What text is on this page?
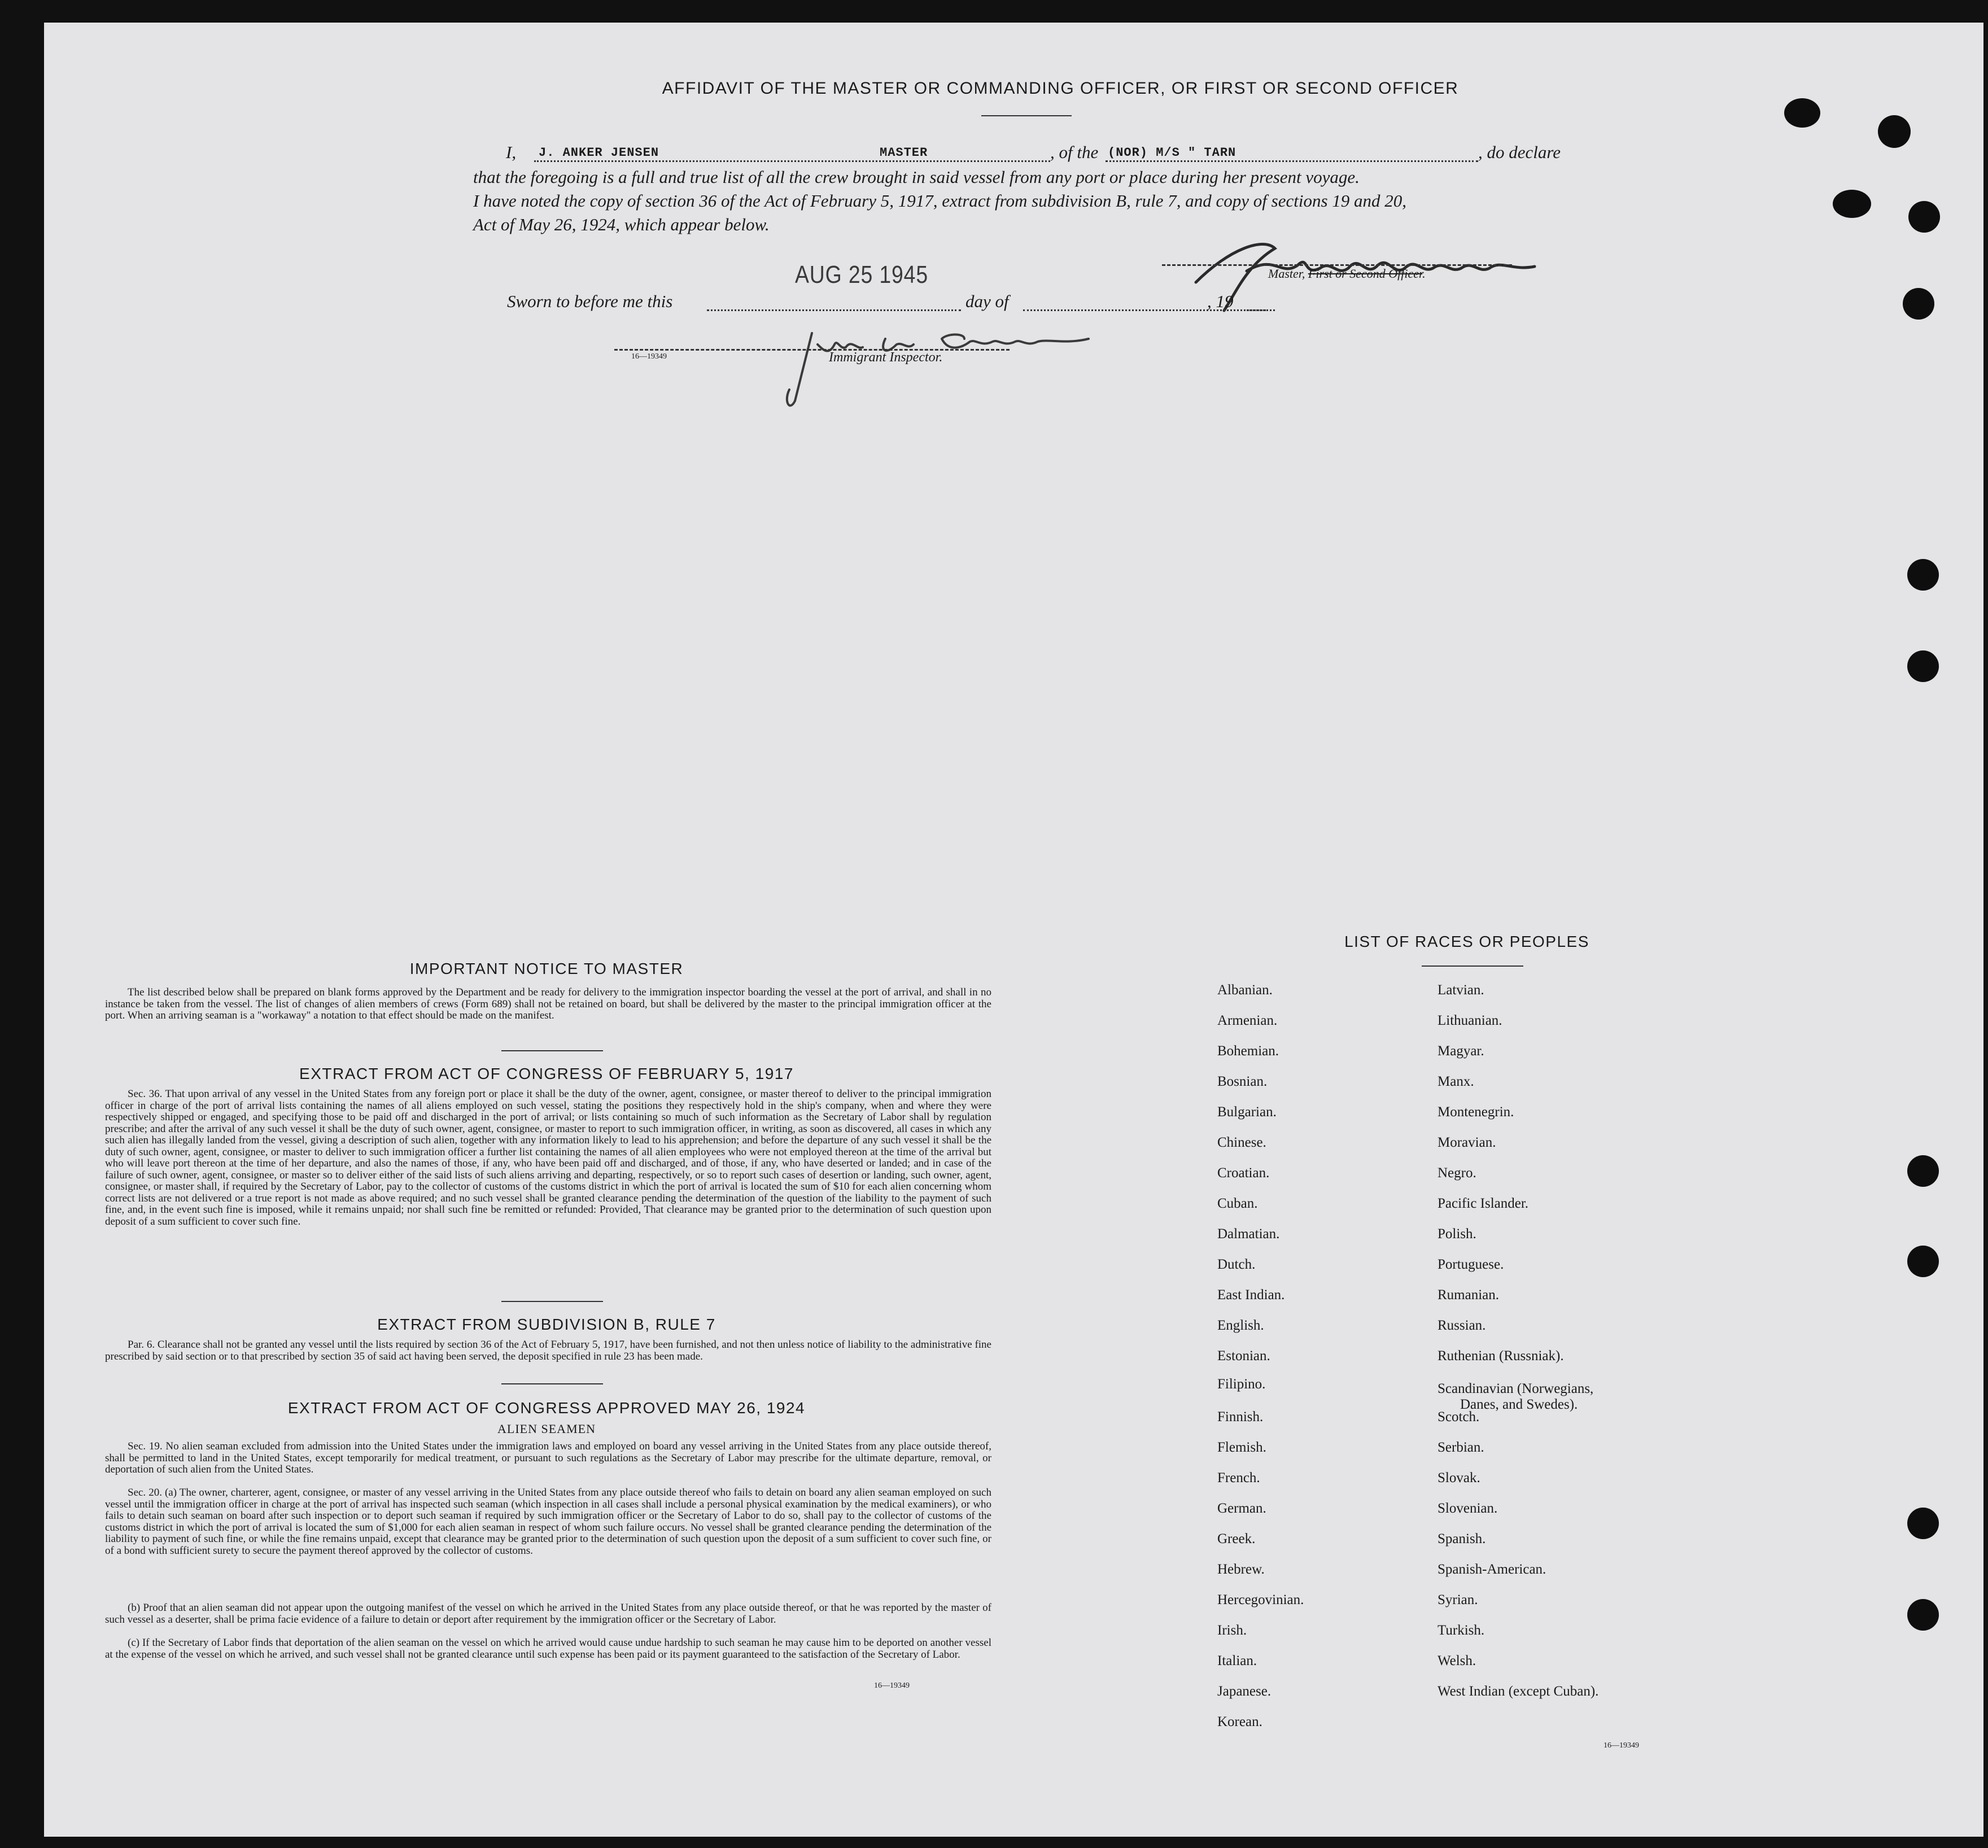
AFFIDAVIT OF THE MASTER OR COMMANDING OFFICER, OR FIRST OR SECOND OFFICER
I, J. ANKER JENSEN	MASTER	, of the (NOR) M/S " TARN	, do declare
that the foregoing is a full and true list of all the crew brought in said vessel from any port or place during her present voyage.
I have noted the copy of section 36 of the Act of February 5, 1917, extract from subdivision B, rule 7, and copy of sections 19 and 20,
Act of May 26, 1924, which appear below.
Master, First or Second Officer.
AUG 25 1945
Sworn to before me this	day of	, 19
16—19349	Immigrant Inspector.
IMPORTANT NOTICE TO MASTER
The list described below shall be prepared on blank forms approved by the Department and be ready for delivery to the immigration inspector boarding the vessel at the port of arrival, and shall in no instance be taken from the vessel. The list of changes of alien members of crews (Form 689) shall not be retained on board, but shall be delivered by the master to the principal immigration officer at the port. When an arriving seaman is a "workaway" a notation to that effect should be made on the manifest.
EXTRACT FROM ACT OF CONGRESS OF FEBRUARY 5, 1917
Sec. 36. That upon arrival of any vessel in the United States from any foreign port or place it shall be the duty of the owner, agent, consignee, or master thereof to deliver to the principal immigration officer in charge of the port of arrival lists containing the names of all aliens employed on such vessel, stating the positions they respectively hold in the ship's company, when and where they were respectively shipped or engaged, and specifying those to be paid off and discharged in the port of arrival; or lists containing so much of such information as the Secretary of Labor shall by regulation prescribe; and after the arrival of any such vessel it shall be the duty of such owner, agent, consignee, or master to report to such immigration officer, in writing, as soon as discovered, all cases in which any such alien has illegally landed from the vessel, giving a description of such alien, together with any information likely to lead to his apprehension; and before the departure of any such vessel it shall be the duty of such owner, agent, consignee, or master to deliver to such immigration officer a further list containing the names of all alien employees who were not employed thereon at the time of the arrival but who will leave port thereon at the time of her departure, and also the names of those, if any, who have been paid off and discharged, and of those, if any, who have deserted or landed; and in case of the failure of such owner, agent, consignee, or master so to deliver either of the said lists of such aliens arriving and departing, respectively, or so to report such cases of desertion or landing, such owner, agent, consignee, or master shall, if required by the Secretary of Labor, pay to the collector of customs of the customs district in which the port of arrival is located the sum of $10 for each alien concerning whom correct lists are not delivered or a true report is not made as above required; and no such vessel shall be granted clearance pending the determination of the question of the liability to the payment of such fine, and, in the event such fine is imposed, while it remains unpaid; nor shall such fine be remitted or refunded: Provided, That clearance may be granted prior to the determination of such question upon deposit of a sum sufficient to cover such fine.
EXTRACT FROM SUBDIVISION B, RULE 7
Par. 6. Clearance shall not be granted any vessel until the lists required by section 36 of the Act of February 5, 1917, have been furnished, and not then unless notice of liability to the administrative fine prescribed by said section or to that prescribed by section 35 of said act having been served, the deposit specified in rule 23 has been made.
EXTRACT FROM ACT OF CONGRESS APPROVED MAY 26, 1924
ALIEN SEAMEN
Sec. 19. No alien seaman excluded from admission into the United States under the immigration laws and employed on board any vessel arriving in the United States from any place outside thereof, shall be permitted to land in the United States, except temporarily for medical treatment, or pursuant to such regulations as the Secretary of Labor may prescribe for the ultimate departure, removal, or deportation of such alien from the United States.
Sec. 20. (a) The owner, charterer, agent, consignee, or master of any vessel arriving in the United States from any place outside thereof who fails to detain on board any alien seaman employed on such vessel until the immigration officer in charge at the port of arrival has inspected such seaman (which inspection in all cases shall include a personal physical examination by the medical examiners), or who fails to detain such seaman on board after such inspection or to deport such seaman if required by such immigration officer or the Secretary of Labor to do so, shall pay to the collector of customs of the customs district in which the port of arrival is located the sum of $1,000 for each alien seaman in respect of whom such failure occurs. No vessel shall be granted clearance pending the determination of the liability to payment of such fine, or while the fine remains unpaid, except that clearance may be granted prior to the determination of such question upon the deposit of a sum sufficient to cover such fine, or of a bond with sufficient surety to secure the payment thereof approved by the collector of customs.
(b) Proof that an alien seaman did not appear upon the outgoing manifest of the vessel on which he arrived in the United States from any place outside thereof, or that he was reported by the master of such vessel as a deserter, shall be prima facie evidence of a failure to detain or deport after requirement by the immigration officer or the Secretary of Labor.
(c) If the Secretary of Labor finds that deportation of the alien seaman on the vessel on which he arrived would cause undue hardship to such seaman he may cause him to be deported on another vessel at the expense of the vessel on which he arrived, and such vessel shall not be granted clearance until such expense has been paid or its payment guaranteed to the satisfaction of the Secretary of Labor.
16—19349
LIST OF RACES OR PEOPLES
16—19349
Albanian.
Armenian.
Bohemian.
Bosnian.
Bulgarian.
Chinese.
Croatian.
Cuban.
Dalmatian.
Dutch.
East Indian.
English.
Estonian.
Filipino.
Finnish.
Flemish.
French.
German.
Greek.
Hebrew.
Hercegovinian.
Irish.
Italian.
Japanese.
Korean.
Latvian.
Lithuanian.
Magyar.
Manx.
Montenegrin.
Moravian.
Negro.
Pacific Islander.
Polish.
Portuguese.
Rumanian.
Russian.
Ruthenian (Russniak).
Scandinavian (Norwegians,
Danes, and Swedes).
Scotch.
Serbian.
Slovak.
Slovenian.
Spanish.
Spanish-American.
Syrian.
Turkish.
Welsh.
West Indian (except Cuban).
